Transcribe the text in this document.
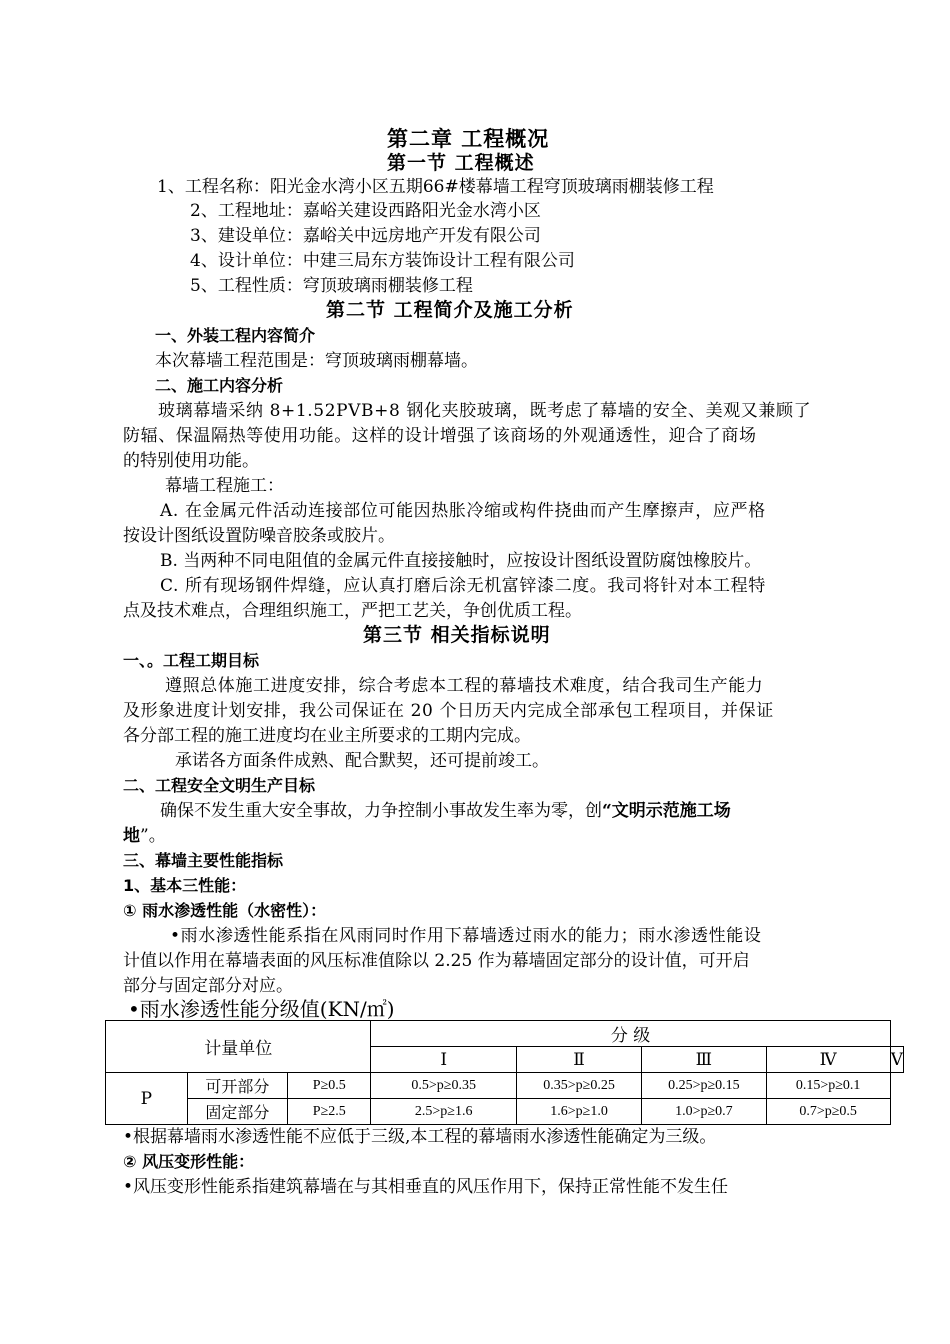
第二章 工程概况
第一节 工程概述
1、工程名称：阳光金水湾小区五期66#楼幕墙工程穹顶玻璃雨棚装修工程
2、工程地址：嘉峪关建设西路阳光金水湾小区
3、建设单位：嘉峪关中远房地产开发有限公司
4、设计单位：中建三局东方装饰设计工程有限公司
5、工程性质：穹顶玻璃雨棚装修工程
第二节 工程简介及施工分析
一、外装工程内容简介
本次幕墙工程范围是：穹顶玻璃雨棚幕墙。
二、施工内容分析
玻璃幕墙采纳 8+1.52PVB+8 钢化夹胶玻璃，既考虑了幕墙的安全、美观又兼顾了
防辐、保温隔热等使用功能。这样的设计增强了该商场的外观通透性，迎合了商场
的特别使用功能。
幕墙工程施工：
A. 在金属元件活动连接部位可能因热胀冷缩或构件挠曲而产生摩擦声，应严格
按设计图纸设置防噪音胶条或胶片。
B. 当两种不同电阻值的金属元件直接接触时，应按设计图纸设置防腐蚀橡胶片。
C. 所有现场钢件焊缝，应认真打磨后涂无机富锌漆二度。我司将针对本工程特
点及技术难点，合理组织施工，严把工艺关，争创优质工程。
第三节 相关指标说明
一、。工程工期目标
遵照总体施工进度安排，综合考虑本工程的幕墙技术难度，结合我司生产能力
及形象进度计划安排，我公司保证在 20 个日历天内完成全部承包工程项目，并保证
各分部工程的施工进度均在业主所要求的工期内完成。
承诺各方面条件成熟、配合默契，还可提前竣工。
二、工程安全文明生产目标
确保不发生重大安全事故，力争控制小事故发生率为零，创“文明示范施工场
地”。
三、幕墙主要性能指标
1、基本三性能：
① 雨水渗透性能（水密性）：
•雨水渗透性能系指在风雨同时作用下幕墙透过雨水的能力；雨水渗透性能设
计值以作用在幕墙表面的风压标准值除以 2.25 作为幕墙固定部分的设计值，可开启
部分与固定部分对应。
•雨水渗透性能分级值(KN/㎡)
计量单位			分 级				
			Ⅰ	Ⅱ	Ⅲ	Ⅳ	Ⅴ
P	可开部分	P≥0.5	0.5>p≥0.35	0.35>p≥0.25	0.25>p≥0.15	0.15>p≥0.1	
	固定部分	P≥2.5	2.5>p≥1.6	1.6>p≥1.0	1.0>p≥0.7	0.7>p≥0.5	
•根据幕墙雨水渗透性能不应低于三级,本工程的幕墙雨水渗透性能确定为三级。
② 风压变形性能：
•风压变形性能系指建筑幕墙在与其相垂直的风压作用下，保持正常性能不发生任
